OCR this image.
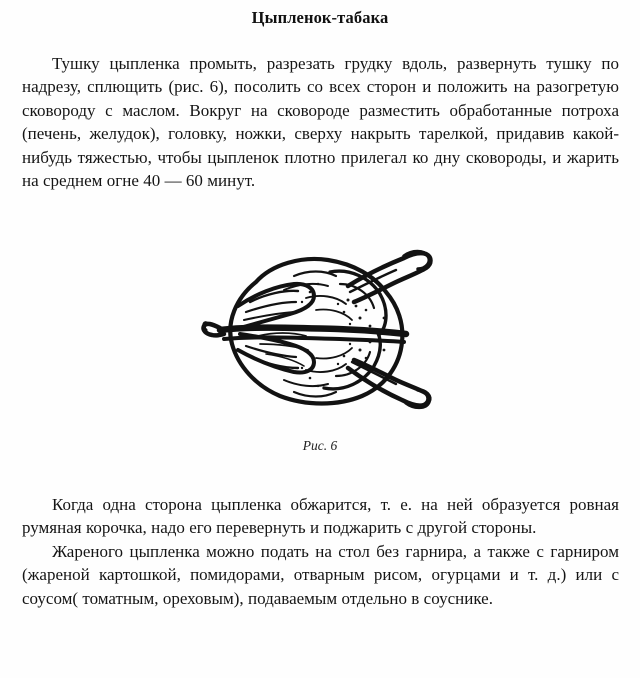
Цыпленок-табака

Тушку цыпленка промыть, разрезать грудку вдоль, развернуть тушку по надрезу, сплющить (рис. 6), посолить со всех сторон и положить на разогретую сковороду с маслом. Вокруг на сковороде разместить обработанные потроха (печень, желудок), головку, ножки, сверху накрыть тарелкой, придавив какой-нибудь тяжестью, чтобы цыпленок плотно прилегал ко дну сковороды, и жарить на среднем огне 40 — 60 минут.

Рис. 6

Когда одна сторона цыпленка обжарится, т. е. на ней образуется ровная румяная корочка, надо его перевернуть и поджарить с другой стороны.

Жареного цыпленка можно подать на стол без гарнира, а также с гарниром (жареной картошкой, помидорами, отварным рисом, огурцами и т. д.) или с соусом( томатным, ореховым), подаваемым отдельно в соуснике.
